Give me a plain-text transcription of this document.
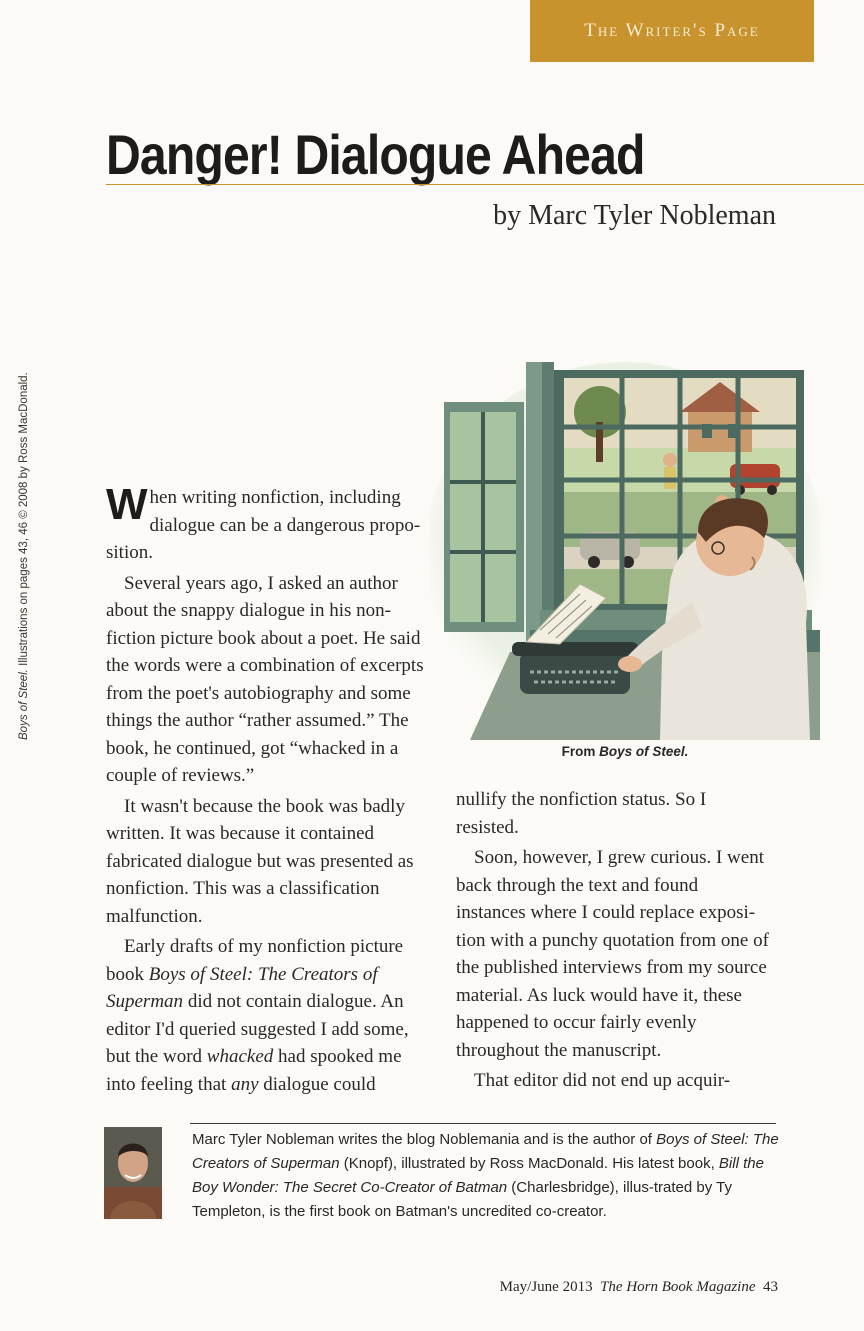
The Writer's Page
Danger! Dialogue Ahead
by Marc Tyler Nobleman
Boys of Steel. Illustrations on pages 43, 46 © 2008 by Ross MacDonald. When writing nonfiction, including dialogue can be a dangerous propo-sition.

Several years ago, I asked an author about the snappy dialogue in his non-fiction picture book about a poet. He said the words were a combination of excerpts from the poet's autobiography and some things the author “rather assumed.” The book, he continued, got “whacked in a couple of reviews.”

It wasn't because the book was badly written. It was because it contained fabricated dialogue but was presented as nonfiction. This was a classification malfunction.

Early drafts of my nonfiction picture book Boys of Steel: The Creators of Superman did not contain dialogue. An editor I'd queried suggested I add some, but the word whacked had spooked me into feeling that any dialogue could

From Boys of Steel.

nullify the nonfiction status. So I resisted.

Soon, however, I grew curious. I went back through the text and found instances where I could replace exposi-tion with a punchy quotation from one of the published interviews from my source material. As luck would have it, these happened to occur fairly evenly throughout the manuscript.

That editor did not end up acquir-

Marc Tyler Nobleman writes the blog Noblemania and is the author of Boys of Steel: The Creators of Superman (Knopf), illustrated by Ross MacDonald. His latest book, Bill the Boy Wonder: The Secret Co-Creator of Batman (Charlesbridge), illus-trated by Ty Templeton, is the first book on Batman's uncredited co-creator.
May/June 2013 The Horn Book Magazine 43
